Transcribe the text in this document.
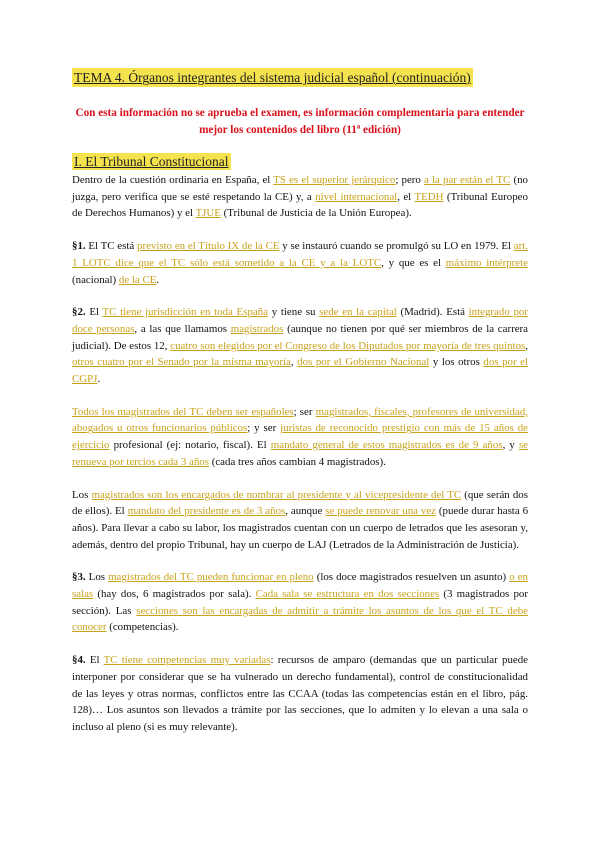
TEMA 4. Órganos integrantes del sistema judicial español (continuación)
Con esta información no se aprueba el examen, es información complementaria para entender mejor los contenidos del libro (11ª edición)
I. El Tribunal Constitucional

Dentro de la cuestión ordinaria en España, el TS es el superior jerárquico; pero a la par están el TC (no juzga, pero verifica que se esté respetando la CE) y, a nivel internacional, el TEDH (Tribunal Europeo de Derechos Humanos) y el TJUE (Tribunal de Justicia de la Unión Europea).

§1. El TC está previsto en el Título IX de la CE y se instauró cuando se promulgó su LO en 1979. El art. 1 LOTC dice que el TC sólo está sometido a la CE y a la LOTC, y que es el máximo intérprete (nacional) de la CE.

§2. El TC tiene jurisdicción en toda España y tiene su sede en la capital (Madrid). Está integrado por doce personas, a las que llamamos magistrados (aunque no tienen por qué ser miembros de la carrera judicial). De estos 12, cuatro son elegidos por el Congreso de los Diputados por mayoría de tres quintos, otros cuatro por el Senado por la misma mayoría, dos por el Gobierno Nacional y los otros dos por el CGPJ.

Todos los magistrados del TC deben ser españoles; ser magistrados, fiscales, profesores de universidad, abogados u otros funcionarios públicos; y ser juristas de reconocido prestigio con más de 15 años de ejercicio profesional (ej: notario, fiscal). El mandato general de estos magistrados es de 9 años, y se renueva por tercios cada 3 años (cada tres años cambian 4 magistrados).

Los magistrados son los encargados de nombrar al presidente y al vicepresidente del TC (que serán dos de ellos). El mandato del presidente es de 3 años, aunque se puede renovar una vez (puede durar hasta 6 años). Para llevar a cabo su labor, los magistrados cuentan con un cuerpo de letrados que les asesoran y, además, dentro del propio Tribunal, hay un cuerpo de LAJ (Letrados de la Administración de Justicia).

§3. Los magistrados del TC pueden funcionar en pleno (los doce magistrados resuelven un asunto) o en salas (hay dos, 6 magistrados por sala). Cada sala se estructura en dos secciones (3 magistrados por sección). Las secciones son las encargadas de admitir a trámite los asuntos de los que el TC debe conocer (competencias).

§4. El TC tiene competencias muy variadas: recursos de amparo (demandas que un particular puede interponer por considerar que se ha vulnerado un derecho fundamental), control de constitucionalidad de las leyes y otras normas, conflictos entre las CCAA (todas las competencias están en el libro, pág. 128)… Los asuntos son llevados a trámite por las secciones, que lo admiten y lo elevan a una sala o incluso al pleno (si es muy relevante).
